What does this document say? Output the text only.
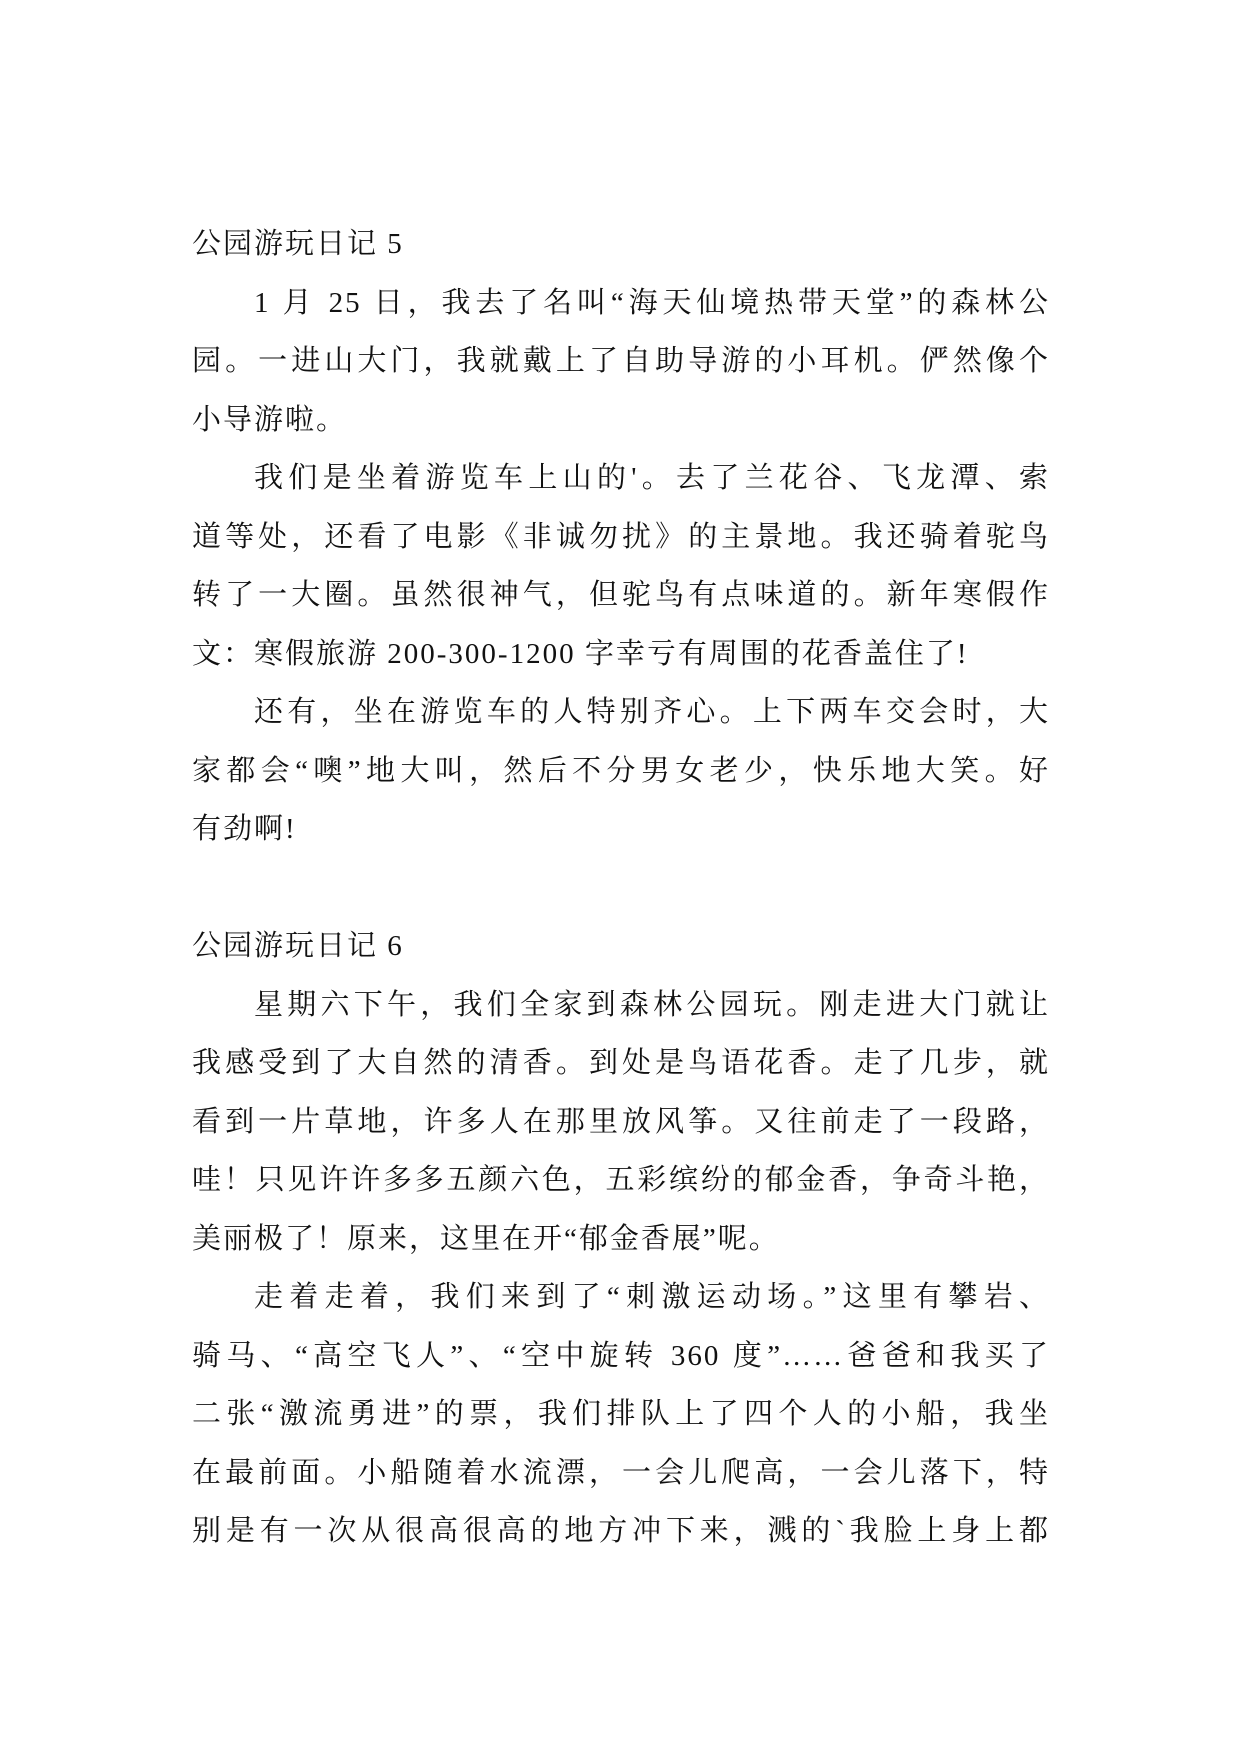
公园游玩日记 5
1 月 25 日，我去了名叫“海天仙境热带天堂”的森林公
园。一进山大门，我就戴上了自助导游的小耳机。俨然像个
小导游啦。
我们是坐着游览车上山的'。去了兰花谷、飞龙潭、索
道等处，还看了电影《非诚勿扰》的主景地。我还骑着驼鸟
转了一大圈。虽然很神气，但驼鸟有点味道的。新年寒假作
文：寒假旅游 200-300-1200 字幸亏有周围的花香盖住了!
还有，坐在游览车的人特别齐心。上下两车交会时，大
家都会“噢”地大叫，然后不分男女老少，快乐地大笑。好
有劲啊!
公园游玩日记 6
星期六下午，我们全家到森林公园玩。刚走进大门就让
我感受到了大自然的清香。到处是鸟语花香。走了几步，就
看到一片草地，许多人在那里放风筝。又往前走了一段路，
哇！只见许许多多五颜六色，五彩缤纷的郁金香，争奇斗艳，
美丽极了！原来，这里在开“郁金香展”呢。
走着走着，我们来到了“刺激运动场。”这里有攀岩、
骑马、“高空飞人”、“空中旋转 360 度”……爸爸和我买了
二张“激流勇进”的票，我们排队上了四个人的小船，我坐
在最前面。小船随着水流漂，一会儿爬高，一会儿落下，特
别是有一次从很高很高的地方冲下来，溅的`我脸上身上都
